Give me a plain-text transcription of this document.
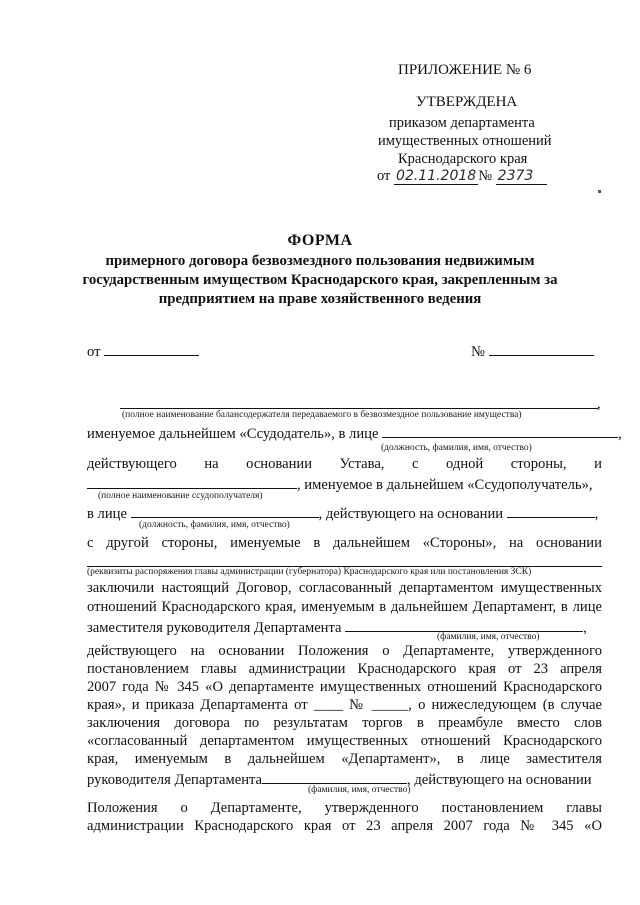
ПРИЛОЖЕНИЕ № 6
УТВЕРЖДЕНА
приказом департамента
имущественных отношений
Краснодарского края
от 02.11.2018 № 2373
ФОРМА
примерного договора безвозмездного пользования недвижимым
государственным имуществом Краснодарского края, закрепленным за
предприятием на праве хозяйственного ведения
от	№
,
(полное наименование балансодержателя передаваемого в безвозмездное пользование имущества)
именуемое дальнейшем «Ссудодатель», в лице	,
(должность, фамилия, имя, отчество)
действующего на основании Устава, с одной стороны, и
, именуемое в дальнейшем «Ссудополучатель»,
(полное наименование ссудополучателя)
в лице	, действующего на основании	,
(должность, фамилия, имя, отчество)
с другой стороны, именуемые в дальнейшем «Стороны», на основании
(реквизиты распоряжения главы администрации (губернатора) Краснодарского края или постановления ЗСК)
заключили настоящий Договор, согласованный департаментом имущественных
отношений Краснодарского края, именуемым в дальнейшем Департамент, в лице
заместителя руководителя Департамента	,
(фамилия, имя, отчество)
действующего на основании Положения о Департаменте, утвержденного
постановлением главы администрации Краснодарского края от 23 апреля
2007 года № 345 «О департаменте имущественных отношений Краснодарского
края», и приказа Департамента от ____ № _____, о нижеследующем (в случае
заключения договора по результатам торгов в преамбуле вместо слов
«согласованный департаментом имущественных отношений Краснодарского
края, именуемым в дальнейшем «Департамент», в лице заместителя
руководителя Департамента	, действующего на основании
(фамилия, имя, отчество)
Положения о Департаменте, утвержденного постановлением главы
администрации Краснодарского края от 23 апреля 2007 года № 345 «О
